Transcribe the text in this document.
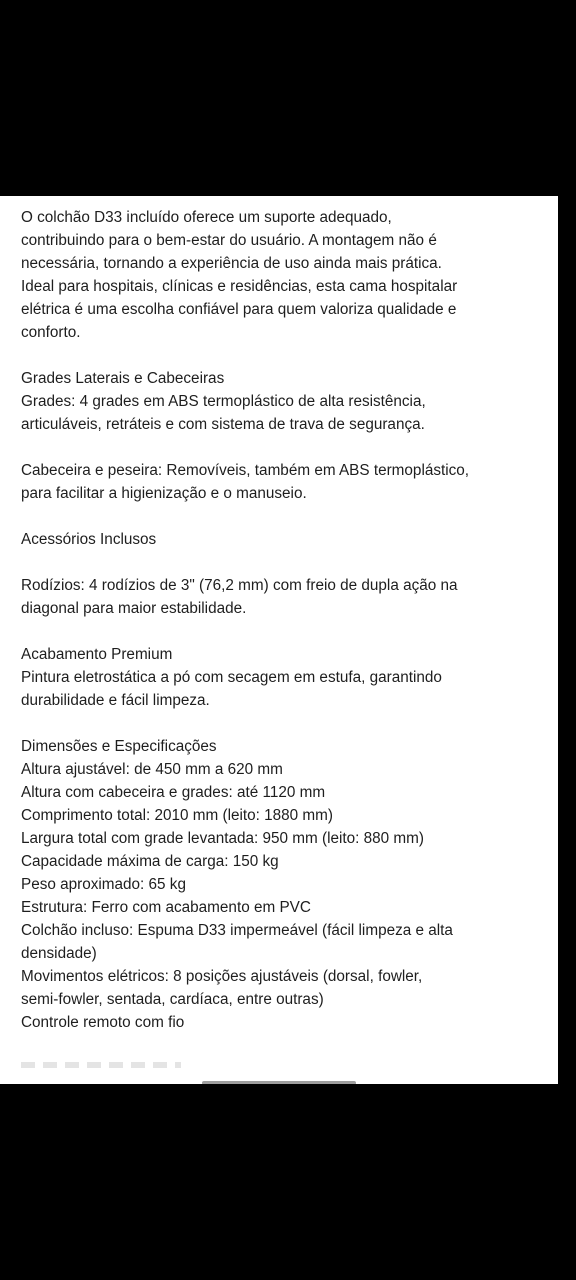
O colchão D33 incluído oferece um suporte adequado,
contribuindo para o bem-estar do usuário. A montagem não é
necessária, tornando a experiência de uso ainda mais prática.
Ideal para hospitais, clínicas e residências, esta cama hospitalar
elétrica é uma escolha confiável para quem valoriza qualidade e
conforto.
Grades Laterais e Cabeceiras
Grades: 4 grades em ABS termoplástico de alta resistência,
articuláveis, retráteis e com sistema de trava de segurança.
Cabeceira e peseira: Removíveis, também em ABS termoplástico,
para facilitar a higienização e o manuseio.
Acessórios Inclusos
Rodízios: 4 rodízios de 3" (76,2 mm) com freio de dupla ação na
diagonal para maior estabilidade.
Acabamento Premium
Pintura eletrostática a pó com secagem em estufa, garantindo
durabilidade e fácil limpeza.
Dimensões e Especificações
Altura ajustável: de 450 mm a 620 mm
Altura com cabeceira e grades: até 1120 mm
Comprimento total: 2010 mm (leito: 1880 mm)
Largura total com grade levantada: 950 mm (leito: 880 mm)
Capacidade máxima de carga: 150 kg
Peso aproximado: 65 kg
Estrutura: Ferro com acabamento em PVC
Colchão incluso: Espuma D33 impermeável (fácil limpeza e alta
densidade)
Movimentos elétricos: 8 posições ajustáveis (dorsal, fowler,
semi-fowler, sentada, cardíaca, entre outras)
Controle remoto com fio
